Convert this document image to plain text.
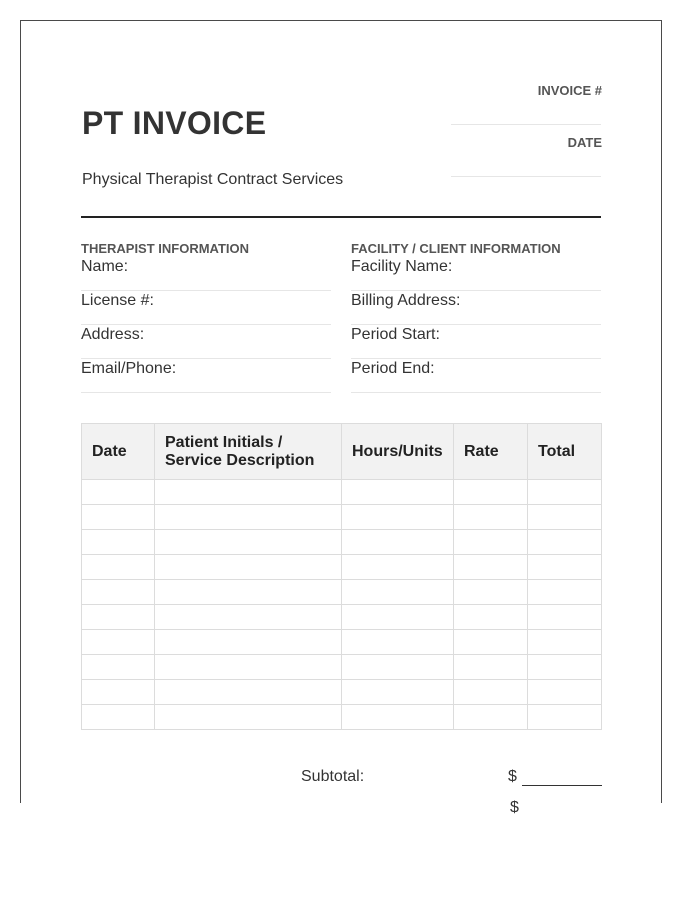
PT INVOICE
Physical Therapist Contract Services
INVOICE #
DATE
THERAPIST INFORMATION
Name:
License #:
Address:
Email/Phone:
FACILITY / CLIENT INFORMATION
Facility Name:
Billing Address:
Period Start:
Period End:
Date	Patient Initials / Service Description	Hours/Units	Rate	Total

Subtotal:	$
$
